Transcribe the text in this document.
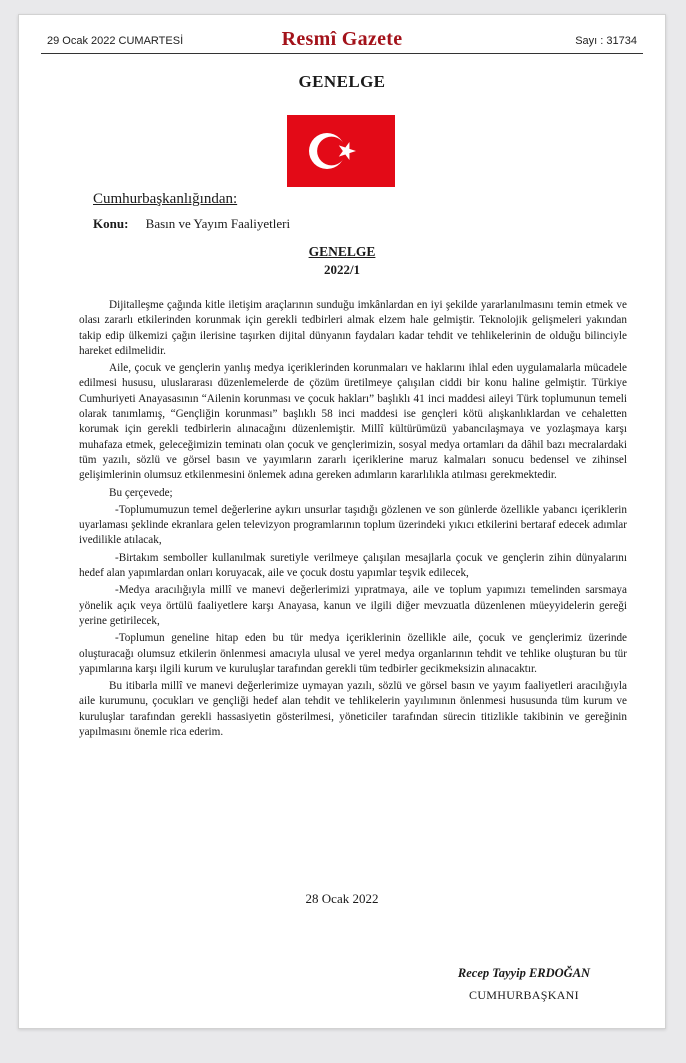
29 Ocak 2022 CUMARTESİ	Resmî Gazete	Sayı : 31734
GENELGE
Cumhurbaşkanlığından:
Konu: Basın ve Yayım Faaliyetleri
GENELGE
2022/1

Dijitalleşme çağında kitle iletişim araçlarının sunduğu imkânlardan en iyi şekilde yararlanılmasını temin etmek ve olası zararlı etkilerinden korunmak için gerekli tedbirleri almak elzem hale gelmiştir. Teknolojik gelişmeleri yakından takip edip ülkemizi çağın ilerisine taşırken dijital dünyanın faydaları kadar tehdit ve tehlikelerinin de olduğu bilinciyle hareket edilmelidir.

Aile, çocuk ve gençlerin yanlış medya içeriklerinden korunmaları ve haklarını ihlal eden uygulamalarla mücadele edilmesi hususu, uluslararası düzenlemelerde de çözüm üretilmeye çalışılan ciddi bir konu haline gelmiştir. Türkiye Cumhuriyeti Anayasasının “Ailenin korunması ve çocuk hakları” başlıklı 41 inci maddesi aileyi Türk toplumunun temeli olarak tanımlamış, “Gençliğin korunması” başlıklı 58 inci maddesi ise gençleri kötü alışkanlıklardan ve cehaletten korumak için gerekli tedbirlerin alınacağını düzenlemiştir. Millî kültürümüzü yabancılaşmaya ve yozlaşmaya karşı muhafaza etmek, geleceğimizin teminatı olan çocuk ve gençlerimizin, sosyal medya ortamları da dâhil bazı mecralardaki tüm yazılı, sözlü ve görsel basın ve yayımların zararlı içeriklerine maruz kalmaları sonucu bedensel ve zihinsel gelişimlerinin olumsuz etkilenmesini önlemek adına gereken adımların kararlılıkla atılması gerekmektedir.

Bu çerçevede;

-Toplumumuzun temel değerlerine aykırı unsurlar taşıdığı gözlenen ve son günlerde özellikle yabancı içeriklerin uyarlaması şeklinde ekranlara gelen televizyon programlarının toplum üzerindeki yıkıcı etkilerini bertaraf edecek adımlar ivedilikle atılacak,

-Birtakım semboller kullanılmak suretiyle verilmeye çalışılan mesajlarla çocuk ve gençlerin zihin dünyalarını hedef alan yapımlardan onları koruyacak, aile ve çocuk dostu yapımlar teşvik edilecek,

-Medya aracılığıyla millî ve manevi değerlerimizi yıpratmaya, aile ve toplum yapımızı temelinden sarsmaya yönelik açık veya örtülü faaliyetlere karşı Anayasa, kanun ve ilgili diğer mevzuatla düzenlenen müeyyidelerin gereği yerine getirilecek,

-Toplumun geneline hitap eden bu tür medya içeriklerinin özellikle aile, çocuk ve gençlerimiz üzerinde oluşturacağı olumsuz etkilerin önlenmesi amacıyla ulusal ve yerel medya organlarının tehdit ve tehlike oluşturan bu tür yapımlarına karşı ilgili kurum ve kuruluşlar tarafından gerekli tüm tedbirler gecikmeksizin alınacaktır.

Bu itibarla millî ve manevi değerlerimize uymayan yazılı, sözlü ve görsel basın ve yayım faaliyetleri aracılığıyla aile kurumunu, çocukları ve gençliği hedef alan tehdit ve tehlikelerin yayılımının önlenmesi hususunda tüm kurum ve kuruluşlar tarafından gerekli hassasiyetin gösterilmesi, yöneticiler tarafından sürecin titizlikle takibinin ve gereğinin yapılmasını önemle rica ederim.

28 Ocak 2022
Recep Tayyip ERDOĞAN
CUMHURBAŞKANI
